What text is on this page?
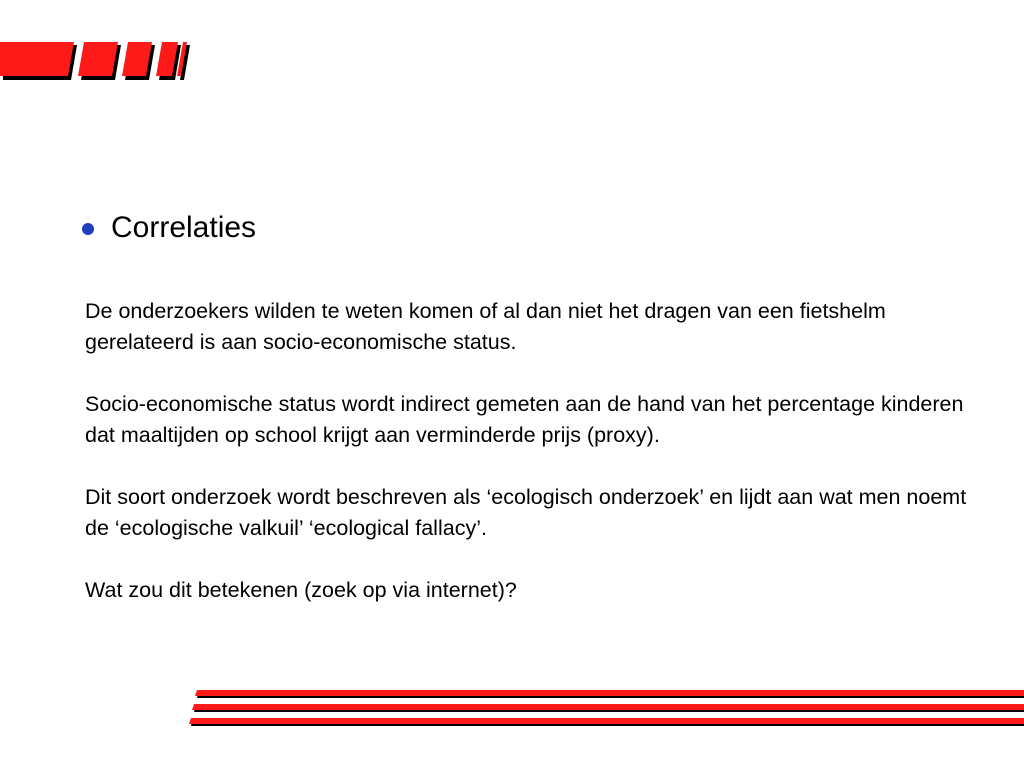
Correlaties

De onderzoekers wilden te weten komen of al dan niet het dragen van een fietshelm gerelateerd is aan socio-economische status.

Socio-economische status wordt indirect gemeten aan de hand van het percentage kinderen dat maaltijden op school krijgt aan verminderde prijs (proxy).

Dit soort onderzoek wordt beschreven als ‘ecologisch onderzoek’ en lijdt aan wat men noemt de ‘ecologische valkuil’ ‘ecological fallacy’.

Wat zou dit betekenen (zoek op via internet)?
